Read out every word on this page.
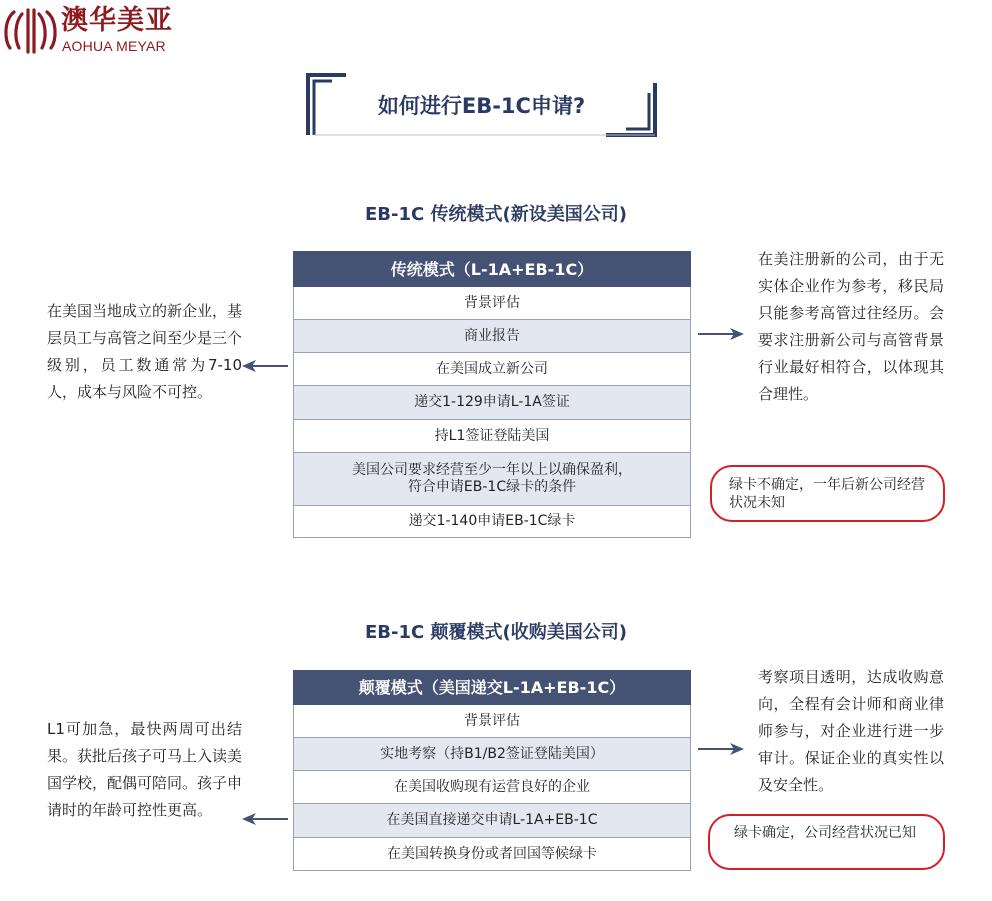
澳华美亚
AOHUA MEYAR
如何进行EB-1C申请?
EB-1C 传统模式(新设美国公司)
传统模式（L-1A+EB-1C）
背景评估
商业报告
在美国成立新公司
递交1-129申请L-1A签证
持L1签证登陆美国
美国公司要求经营至少一年以上以确保盈利，
符合申请EB-1C绿卡的条件
递交1-140申请EB-1C绿卡
在美国当地成立的新企业，基层员工与高管之间至少是三个级别，员工数通常为7-10人，成本与风险不可控。
在美注册新的公司，由于无实体企业作为参考，移民局只能参考高管过往经历。会要求注册新公司与高管背景行业最好相符合，以体现其合理性。
绿卡不确定，一年后新公司经营状况未知
EB-1C 颠覆模式(收购美国公司)
颠覆模式（美国递交L-1A+EB-1C）
背景评估
实地考察（持B1/B2签证登陆美国）
在美国收购现有运营良好的企业
在美国直接递交申请L-1A+EB-1C
在美国转换身份或者回国等候绿卡
L1可加急，最快两周可出结果。获批后孩子可马上入读美国学校，配偶可陪同。孩子申请时的年龄可控性更高。
考察项目透明，达成收购意向，全程有会计师和商业律师参与，对企业进行进一步审计。保证企业的真实性以及安全性。
绿卡确定，公司经营状况已知
